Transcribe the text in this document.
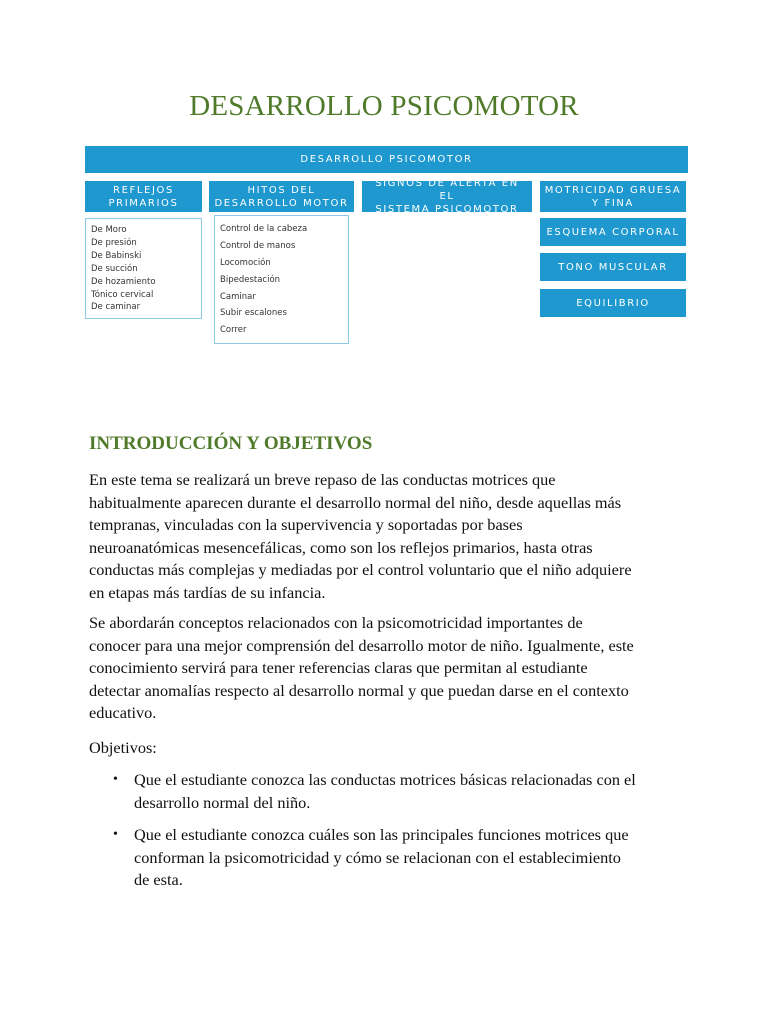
DESARROLLO PSICOMOTOR
DESARROLLO PSICOMOTOR
REFLEJOS
PRIMARIOS
De Moro
De presión
De Babinski
De succión
De hozamiento
Tónico cervical
De caminar
HITOS DEL
DESARROLLO MOTOR
Control de la cabeza
Control de manos
Locomoción
Bipedestación
Caminar
Subir escalones
Correr
SIGNOS DE ALERTA EN EL
SISTEMA PSICOMOTOR
MOTRICIDAD GRUESA
Y FINA
ESQUEMA CORPORAL
TONO MUSCULAR
EQUILIBRIO
INTRODUCCIÓN Y OBJETIVOS

En este tema se realizará un breve repaso de las conductas motrices que
habitualmente aparecen durante el desarrollo normal del niño, desde aquellas más
tempranas, vinculadas con la supervivencia y soportadas por bases
neuroanatómicas mesencefálicas, como son los reflejos primarios, hasta otras
conductas más complejas y mediadas por el control voluntario que el niño adquiere
en etapas más tardías de su infancia.

Se abordarán conceptos relacionados con la psicomotricidad importantes de
conocer para una mejor comprensión del desarrollo motor de niño. Igualmente, este
conocimiento servirá para tener referencias claras que permitan al estudiante
detectar anomalías respecto al desarrollo normal y que puedan darse en el contexto
educativo.

Objetivos:

• Que el estudiante conozca las conductas motrices básicas relacionadas con el
desarrollo normal del niño.
• Que el estudiante conozca cuáles son las principales funciones motrices que
conforman la psicomotricidad y cómo se relacionan con el establecimiento
de esta.
